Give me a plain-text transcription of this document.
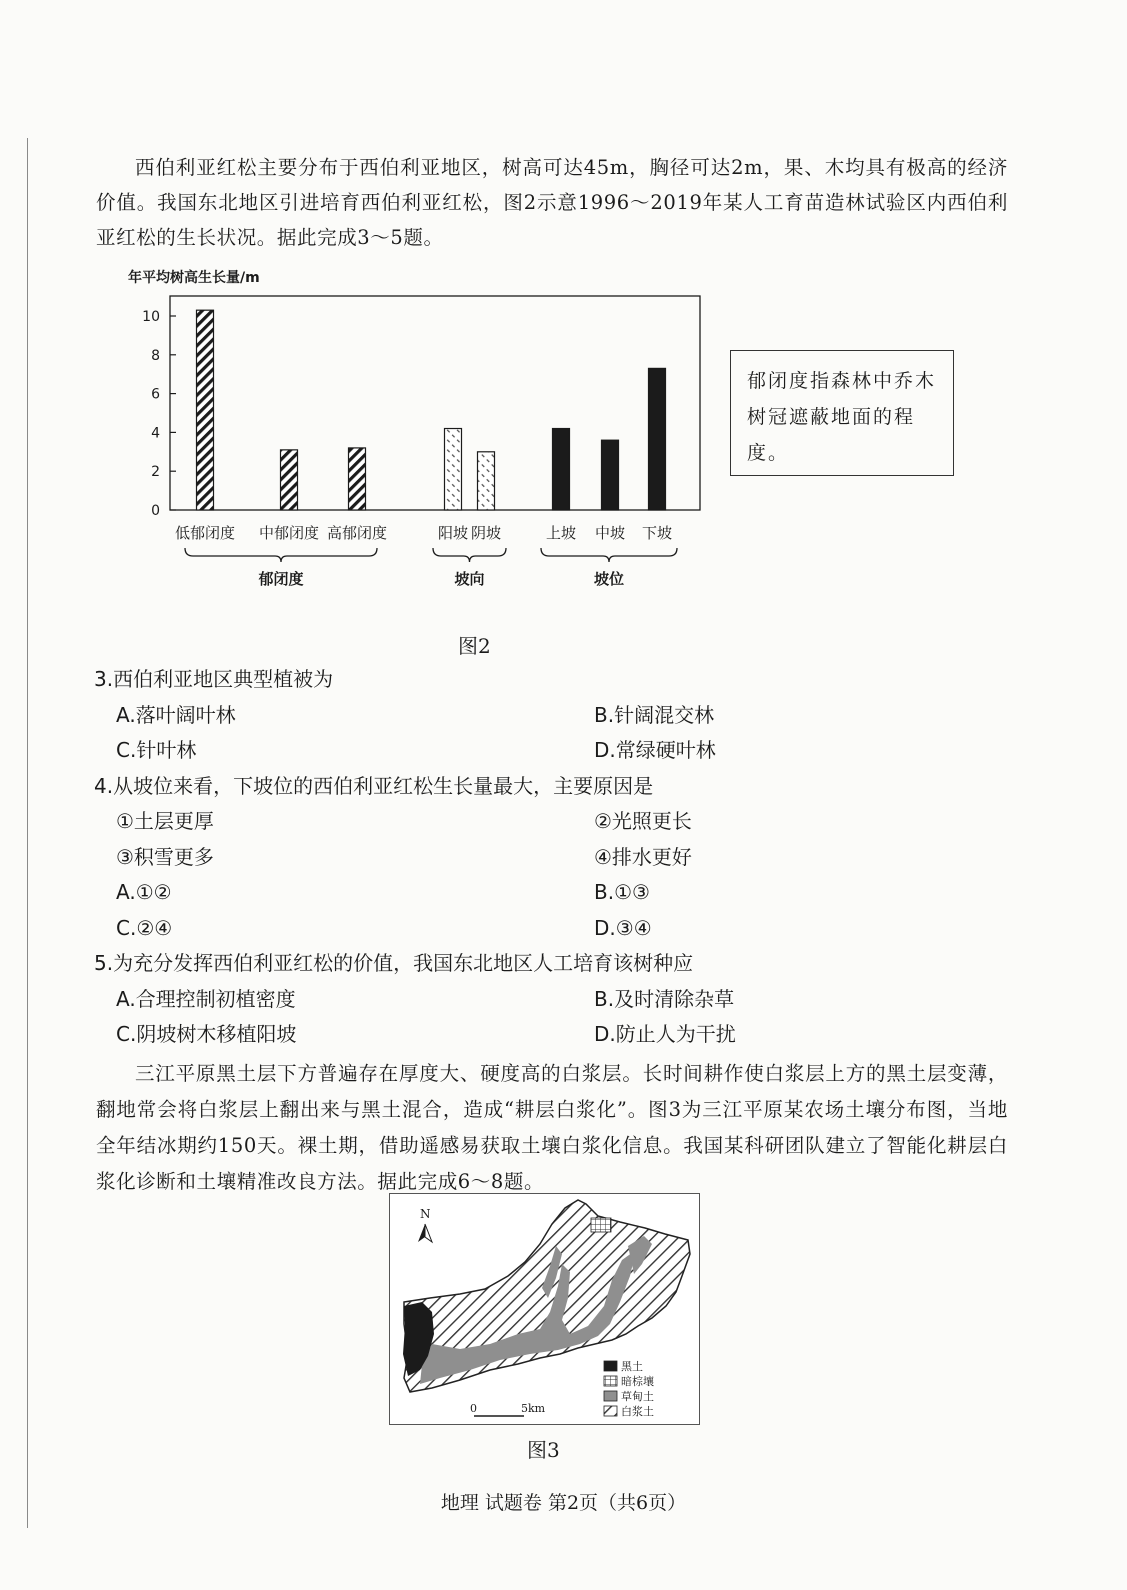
西伯利亚红松主要分布于西伯利亚地区，树高可达45m，胸径可达2m，果、木均具有极高的经济价值。我国东北地区引进培育西伯利亚红松，图2示意1996～2019年某人工育苗造林试验区内西伯利亚红松的生长状况。据此完成3～5题。

年平均树高生长量/m
0
2
4
6
8
10
低郁闭度 中郁闭度 高郁闭度	阳坡 阴坡	上坡 中坡 下坡
郁闭度	坡向	坡位
郁闭度指森林中乔木树冠遮蔽地面的程度。
图2
3.西伯利亚地区典型植被为
A.落叶阔叶林	B.针阔混交林
C.针叶林	D.常绿硬叶林
4.从坡位来看，下坡位的西伯利亚红松生长量最大，主要原因是
①土层更厚	②光照更长
③积雪更多	④排水更好
A.①②	B.①③
C.②④	D.③④
5.为充分发挥西伯利亚红松的价值，我国东北地区人工培育该树种应
A.合理控制初植密度	B.及时清除杂草
C.阴坡树木移植阳坡	D.防止人为干扰

三江平原黑土层下方普遍存在厚度大、硬度高的白浆层。长时间耕作使白浆层上方的黑土层变薄，翻地常会将白浆层上翻出来与黑土混合，造成“耕层白浆化”。图3为三江平原某农场土壤分布图，当地全年结冰期约150天。裸土期，借助遥感易获取土壤白浆化信息。我国某科研团队建立了智能化耕层白浆化诊断和土壤精准改良方法。据此完成6～8题。

N
0	5km
黑土
暗棕壤
草甸土
白浆土
图3
地理 试题卷 第2页（共6页）
